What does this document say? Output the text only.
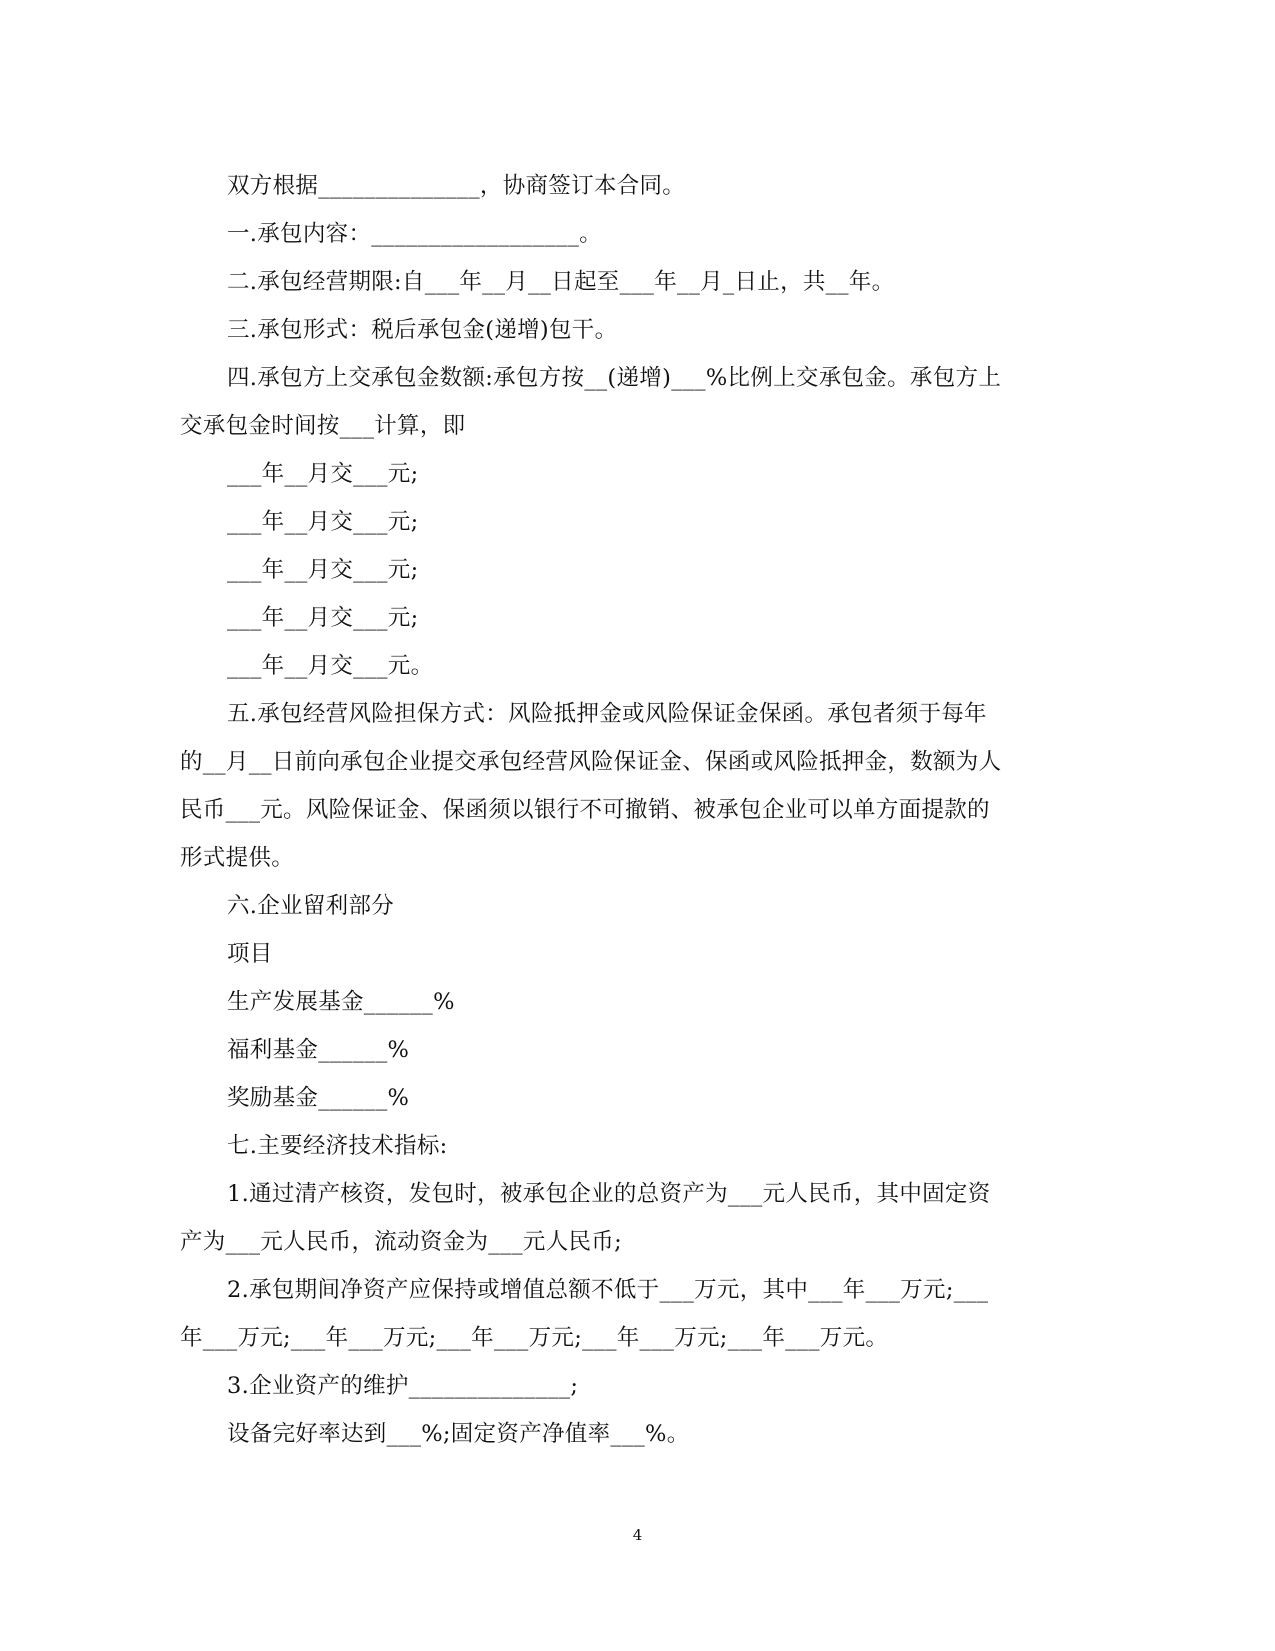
双方根据______________，协商签订本合同。
一.承包内容：__________________。
二.承包经营期限:自___年__月__日起至___年__月_日止，共__年。
三.承包形式：税后承包金(递增)包干。
四.承包方上交承包金数额:承包方按__(递增)___%比例上交承包金。承包方上
交承包金时间按___计算，即
___年__月交___元;
___年__月交___元;
___年__月交___元;
___年__月交___元;
___年__月交___元。
五.承包经营风险担保方式：风险抵押金或风险保证金保函。承包者须于每年
的__月__日前向承包企业提交承包经营风险保证金、保函或风险抵押金，数额为人
民币___元。风险保证金、保函须以银行不可撤销、被承包企业可以单方面提款的
形式提供。
六.企业留利部分
项目
生产发展基金______%
福利基金______%
奖励基金______%
七.主要经济技术指标:
1.通过清产核资，发包时，被承包企业的总资产为___元人民币，其中固定资
产为___元人民币，流动资金为___元人民币;
2.承包期间净资产应保持或增值总额不低于___万元，其中___年___万元;___
年___万元;___年___万元;___年___万元;___年___万元;___年___万元。
3.企业资产的维护______________;
设备完好率达到___%;固定资产净值率___%。
4
